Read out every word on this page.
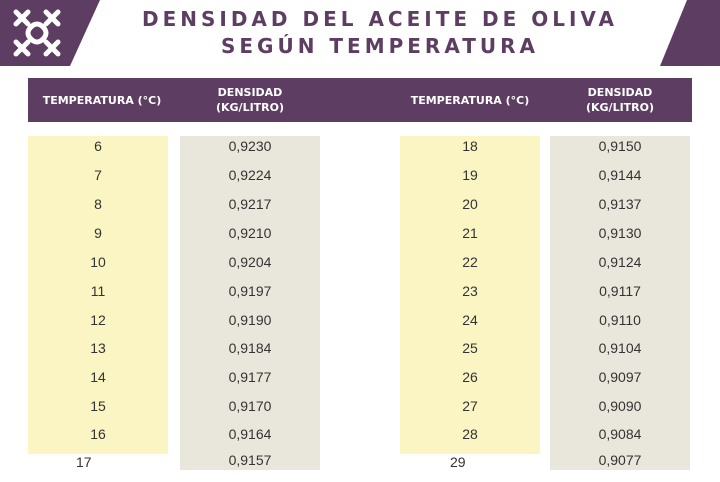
DENSIDAD DEL ACEITE DE OLIVA
SEGÚN TEMPERATURA
TEMPERATURA (°C)
DENSIDAD
(KG/LITRO)
TEMPERATURA (°C)
DENSIDAD
(KG/LITRO)
6
7
8
9
10
11
12
13
14
15
16
17
0,9230
0,9224
0,9217
0,9210
0,9204
0,9197
0,9190
0,9184
0,9177
0,9170
0,9164
0,9157
18
19
20
21
22
23
24
25
26
27
28
29
0,9150
0,9144
0,9137
0,9130
0,9124
0,9117
0,9110
0,9104
0,9097
0,9090
0,9084
0,9077
